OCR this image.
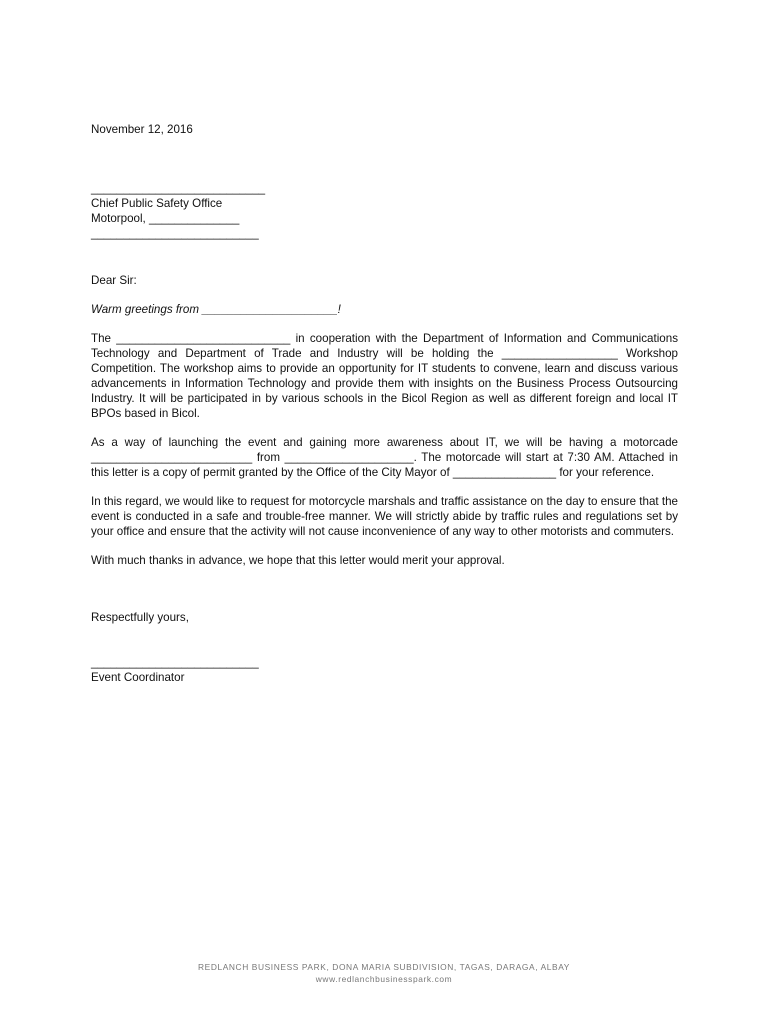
November 12, 2016
___________________________
Chief Public Safety Office
Motorpool, ______________
__________________________
Dear Sir:
Warm greetings from _____________________!

The ___________________________ in cooperation with the Department of Information and Communications Technology and Department of Trade and Industry will be holding the __________________ Workshop Competition. The workshop aims to provide an opportunity for IT students to convene, learn and discuss various advancements in Information Technology and provide them with insights on the Business Process Outsourcing Industry. It will be participated in by various schools in the Bicol Region as well as different foreign and local IT BPOs based in Bicol.

As a way of launching the event and gaining more awareness about IT, we will be having a motorcade _________________________ from ____________________. The motorcade will start at 7:30 AM. Attached in this letter is a copy of permit granted by the Office of the City Mayor of ________________ for your reference.

In this regard, we would like to request for motorcycle marshals and traffic assistance on the day to ensure that the event is conducted in a safe and trouble-free manner. We will strictly abide by traffic rules and regulations set by your office and ensure that the activity will not cause inconvenience of any way to other motorists and commuters.

With much thanks in advance, we hope that this letter would merit your approval.

Respectfully yours,
__________________________
Event Coordinator
REDLANCH BUSINESS PARK, DONA MARIA SUBDIVISION, TAGAS, DARAGA, ALBAY
www.redlanchbusinesspark.com
